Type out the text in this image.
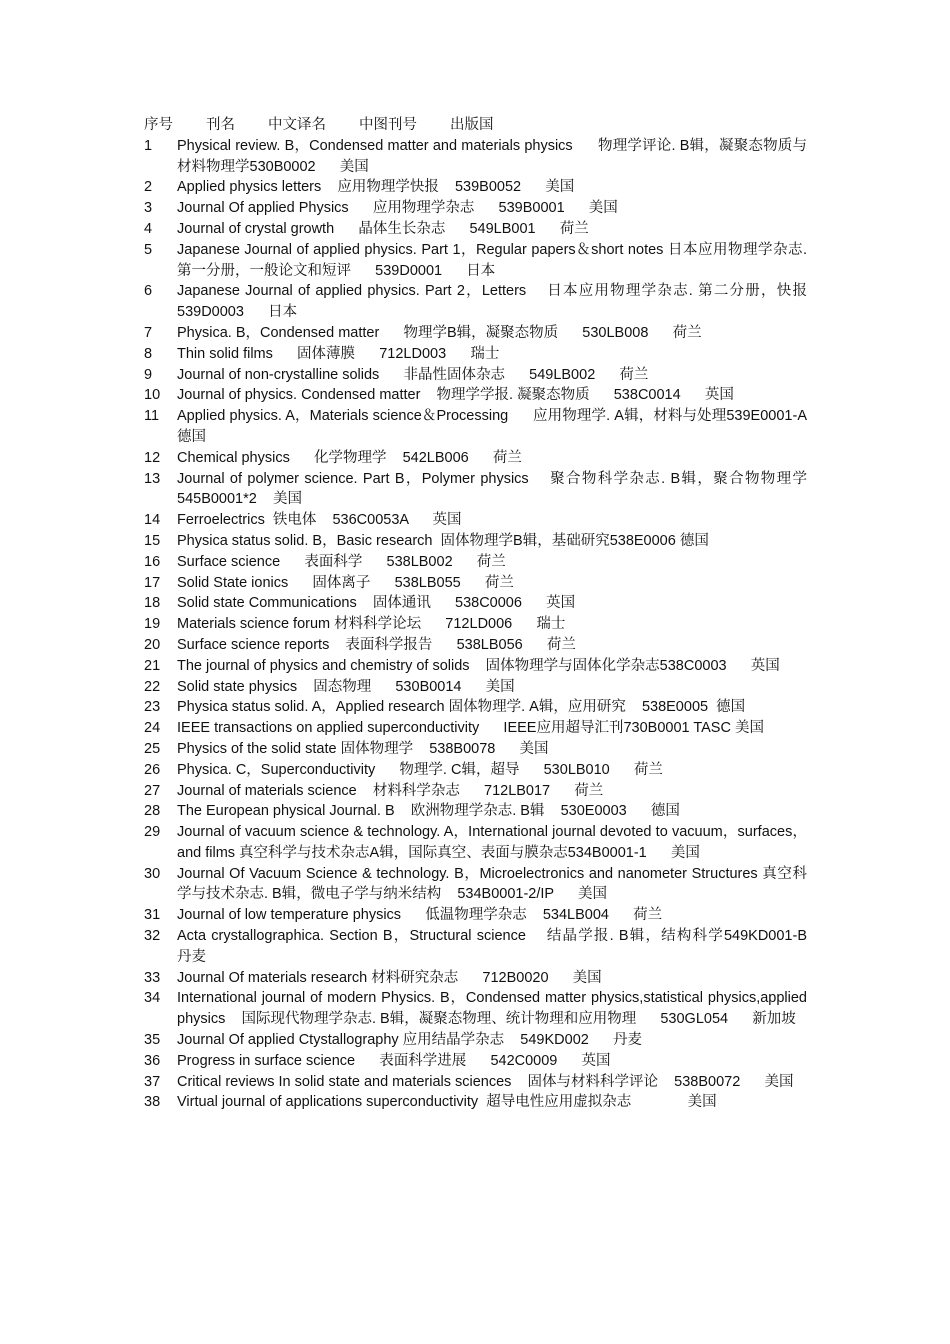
序号 刊名 中文译名 中图刊号 出版国
1	Physical review. B，Condensed matter and materials physics      物理学评论. B辑，凝聚态物质与材料物理学530B0002      美国
2	Applied physics letters    应用物理学快报    539B0052      美国
3	Journal Of applied Physics      应用物理学杂志      539B0001      美国
4	Journal of crystal growth      晶体生长杂志      549LB001      荷兰
5	Japanese Journal of applied physics. Part 1，Regular papers＆short notes 日本应用物理学杂志. 第一分册，一般论文和短评      539D0001      日本
6	Japanese Journal of applied physics. Part 2，Letters    日本应用物理学杂志. 第二分册，快报    539D0003      日本
7	Physica. B，Condensed matter      物理学B辑，凝聚态物质      530LB008      荷兰
8	Thin solid films      固体薄膜      712LD003      瑞士
9	Journal of non-crystalline solids      非晶性固体杂志      549LB002      荷兰
10	Journal of physics. Condensed matter    物理学学报. 凝聚态物质      538C0014      英国
11	Applied physics. A，Materials science＆Processing      应用物理学. A辑，材料与处理539E0001-A    德国
12	Chemical physics      化学物理学    542LB006      荷兰
13	Journal of polymer science. Part B，Polymer physics    聚合物科学杂志. B辑，聚合物物理学    545B0001*2    美国
14	Ferroelectrics  铁电体    536C0053A      英国
15	Physica status solid. B，Basic research  固体物理学B辑，基础研究538E0006 德国
16	Surface science      表面科学      538LB002      荷兰
17	Solid State ionics      固体离子      538LB055      荷兰
18	Solid state Communications    固体通讯      538C0006      英国
19	Materials science forum 材料科学论坛      712LD006      瑞士
20	Surface science reports    表面科学报告      538LB056      荷兰
21	The journal of physics and chemistry of solids    固体物理学与固体化学杂志538C0003      英国
22	Solid state physics    固态物理      530B0014      美国
23	Physica status solid. A，Applied research 固体物理学. A辑，应用研究    538E0005  德国
24	IEEE transactions on applied superconductivity      IEEE应用超导汇刊730B0001 TASC 美国
25	Physics of the solid state 固体物理学    538B0078      美国
26	Physica. C，Superconductivity      物理学. C辑，超导      530LB010      荷兰
27	Journal of materials science    材料科学杂志      712LB017      荷兰
28	The European physical Journal. B    欧洲物理学杂志. B辑    530E0003      德国
29	Journal of vacuum science & technology. A，International journal devoted to vacuum，surfaces，and films 真空科学与技术杂志A辑，国际真空、表面与膜杂志534B0001-1      美国
30	Journal Of Vacuum Science & technology. B，Microelectronics and nanometer Structures 真空科学与技术杂志. B辑，微电子学与纳米结构    534B0001-2/IP      美国
31	Journal of low temperature physics      低温物理学杂志    534LB004      荷兰
32	Acta crystallographica. Section B，Structural science    结晶学报. B辑，结构科学549KD001-B    丹麦
33	Journal Of materials research 材料研究杂志      712B0020      美国
34	International journal of modern Physics. B，Condensed matter physics,statistical physics,applied physics    国际现代物理学杂志. B辑，凝聚态物理、统计物理和应用物理      530GL054      新加坡
35	Journal Of applied Ctystallography 应用结晶学杂志    549KD002      丹麦
36	Progress in surface science      表面科学进展      542C0009      英国
37	Critical reviews In solid state and materials sciences    固体与材料科学评论    538B0072      美国
38	Virtual journal of applications superconductivity  超导电性应用虚拟杂志              美国
